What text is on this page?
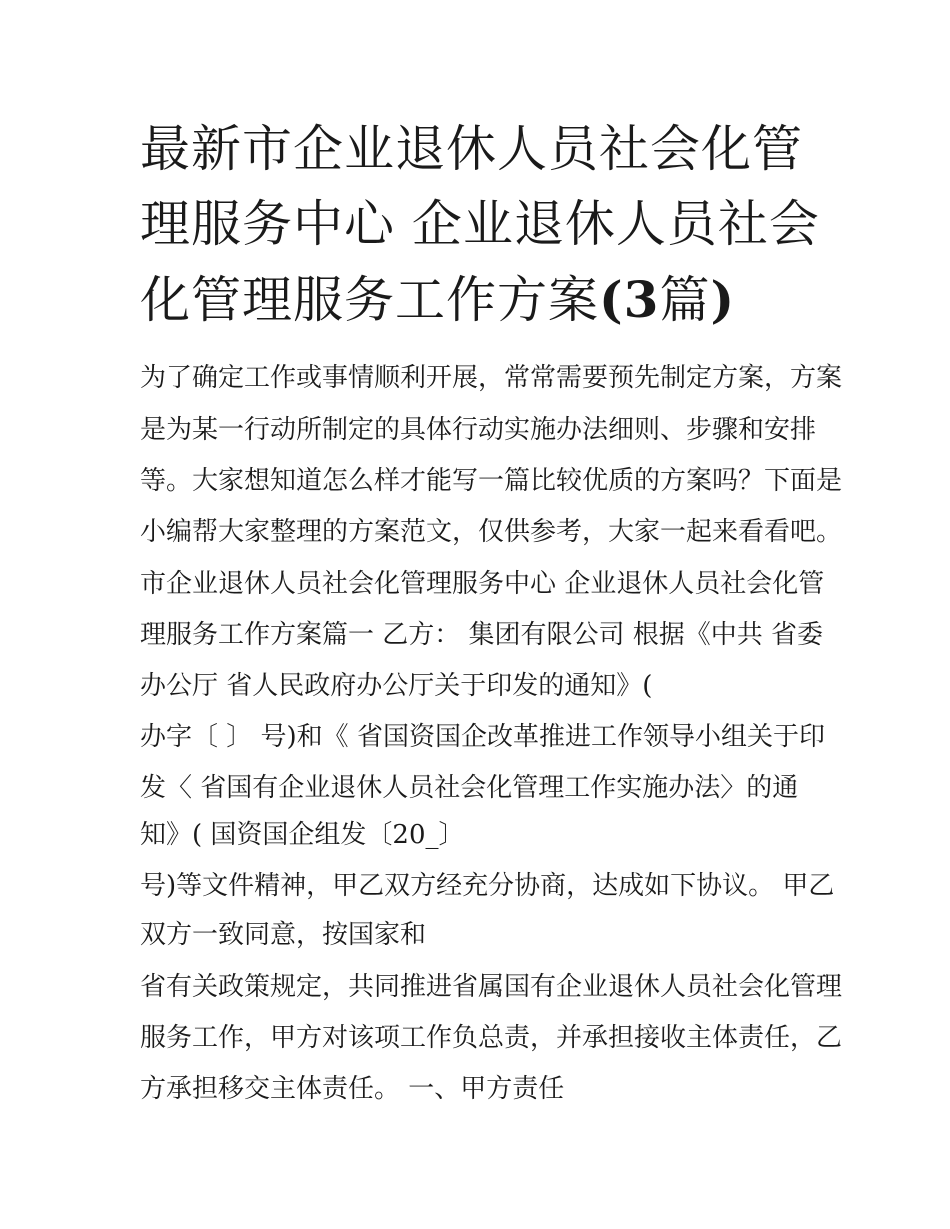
最新市企业退休人员社会化管
理服务中心 企业退休人员社会
化管理服务工作方案(3篇)

为了确定工作或事情顺利开展，常常需要预先制定方案，方案

是为某一行动所制定的具体行动实施办法细则、步骤和安排

等。大家想知道怎么样才能写一篇比较优质的方案吗？下面是

小编帮大家整理的方案范文，仅供参考，大家一起来看看吧。

市企业退休人员社会化管理服务中心 企业退休人员社会化管

理服务工作方案篇一 乙方： 集团有限公司 根据《中共 省委

办公厅 省人民政府办公厅关于印发的通知》(

办字〔 〕 号)和《 省国资国企改革推进工作领导小组关于印

发〈 省国有企业退休人员社会化管理工作实施办法〉的通

知》( 国资国企组发〔20_〕

号)等文件精神，甲乙双方经充分协商，达成如下协议。 甲乙

双方一致同意，按国家和

省有关政策规定，共同推进省属国有企业退休人员社会化管理

服务工作，甲方对该项工作负总责，并承担接收主体责任，乙

方承担移交主体责任。 一、甲方责任
